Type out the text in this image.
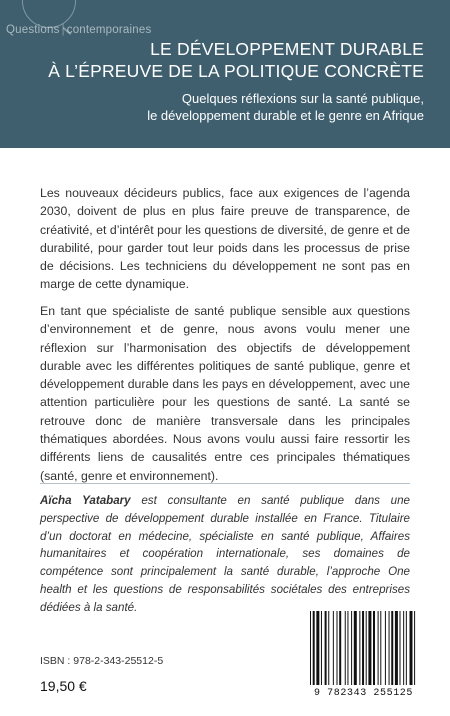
Questions | contemporaines
LE DÉVELOPPEMENT DURABLE
À L’ÉPREUVE DE LA POLITIQUE CONCRÈTE
Quelques réflexions sur la santé publique,
le développement durable et le genre en Afrique

Les nouveaux décideurs publics, face aux exigences de l’agenda 2030, doivent de plus en plus faire preuve de transparence, de créativité, et d’intérêt pour les questions de diversité, de genre et de durabilité, pour garder tout leur poids dans les processus de prise de décisions. Les techniciens du développement ne sont pas en marge de cette dynamique.

En tant que spécialiste de santé publique sensible aux questions d’environnement et de genre, nous avons voulu mener une réflexion sur l’harmonisation des objectifs de développement durable avec les différentes politiques de santé publique, genre et développement durable dans les pays en développement, avec une attention particulière pour les questions de santé. La santé se retrouve donc de manière transversale dans les principales thématiques abordées. Nous avons voulu aussi faire ressortir les différents liens de causalités entre ces principales thématiques (santé, genre et environnement).

Aïcha Yatabary est consultante en santé publique dans une perspective de développement durable installée en France. Titulaire d’un doctorat en médecine, spécialiste en santé publique, Affaires humanitaires et coopération internationale, ses domaines de compétence sont principalement la santé durable, l’approche One health et les questions de responsabilités sociétales des entreprises dédiées à la santé.

ISBN : 978-2-343-25512-5
19,50 €	9 782343 255125
